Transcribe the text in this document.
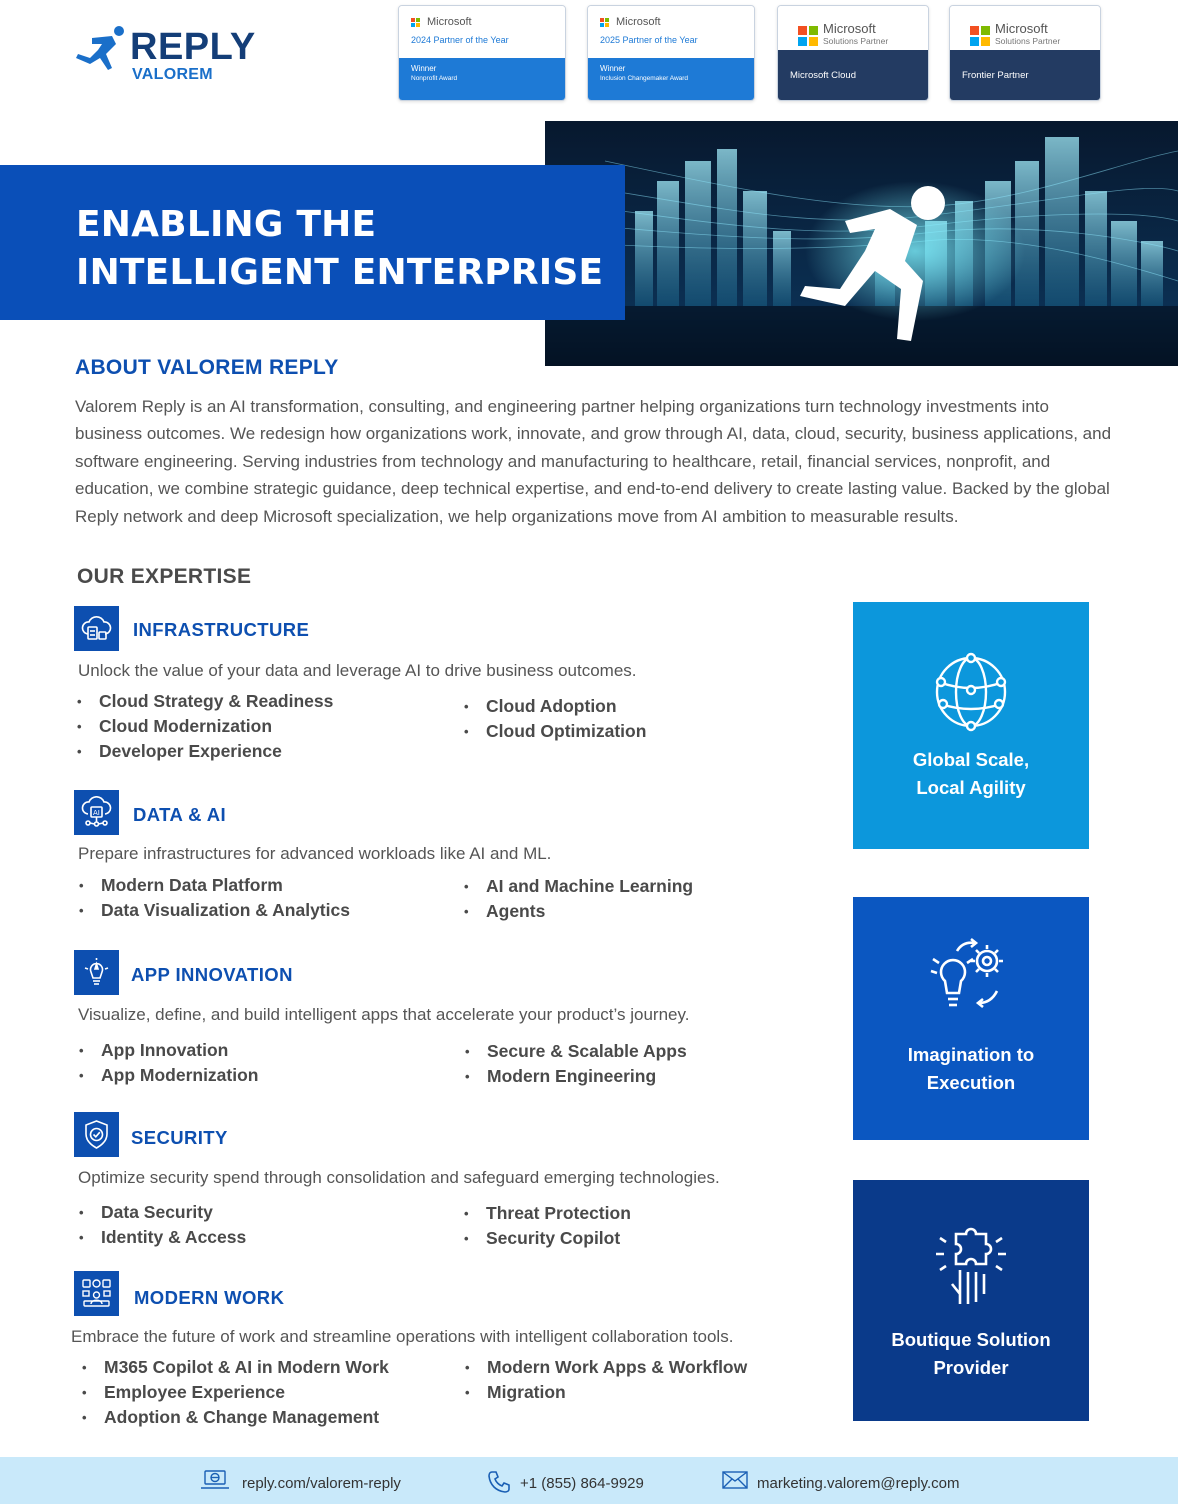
REPLY
VALOREM
Microsoft
2024 Partner of the Year
Winner
Nonprofit Award
Microsoft
2025 Partner of the Year
Winner
Inclusion Changemaker Award
Microsoft
Solutions Partner
Microsoft Cloud
Microsoft
Solutions Partner
Frontier Partner
ENABLING THE
INTELLIGENT ENTERPRISE
ABOUT VALOREM REPLY

Valorem Reply is an AI transformation, consulting, and engineering partner helping organizations turn technology investments into business outcomes. We redesign how organizations work, innovate, and grow through AI, data, cloud, security, business applications, and software engineering. Serving industries from technology and manufacturing to healthcare, retail, financial services, nonprofit, and education, we combine strategic guidance, deep technical expertise, and end-to-end delivery to create lasting value. Backed by the global Reply network and deep Microsoft specialization, we help organizations move from AI ambition to measurable results.

OUR EXPERTISE
INFRASTRUCTURE
Unlock the value of your data and leverage AI to drive business outcomes.
• Cloud Strategy & Readiness
• Cloud Modernization
• Developer Experience
• Cloud Adoption
• Cloud Optimization
AI DATA & AI
Prepare infrastructures for advanced workloads like AI and ML.
• Modern Data Platform
• Data Visualization & Analytics
• AI and Machine Learning
• Agents
APP INNOVATION
Visualize, define, and build intelligent apps that accelerate your product’s journey.
• App Innovation
• App Modernization
• Secure & Scalable Apps
• Modern Engineering
SECURITY
Optimize security spend through consolidation and safeguard emerging technologies.
• Data Security
• Identity & Access
• Threat Protection
• Security Copilot
MODERN WORK
Embrace the future of work and streamline operations with intelligent collaboration tools.
• M365 Copilot & AI in Modern Work
• Employee Experience
• Adoption & Change Management
• Modern Work Apps & Workflow
• Migration
Global Scale,
Local Agility
Imagination to
Execution
Boutique Solution
Provider
reply.com/valorem-reply	+1 (855) 864-9929	marketing.valorem@reply.com
